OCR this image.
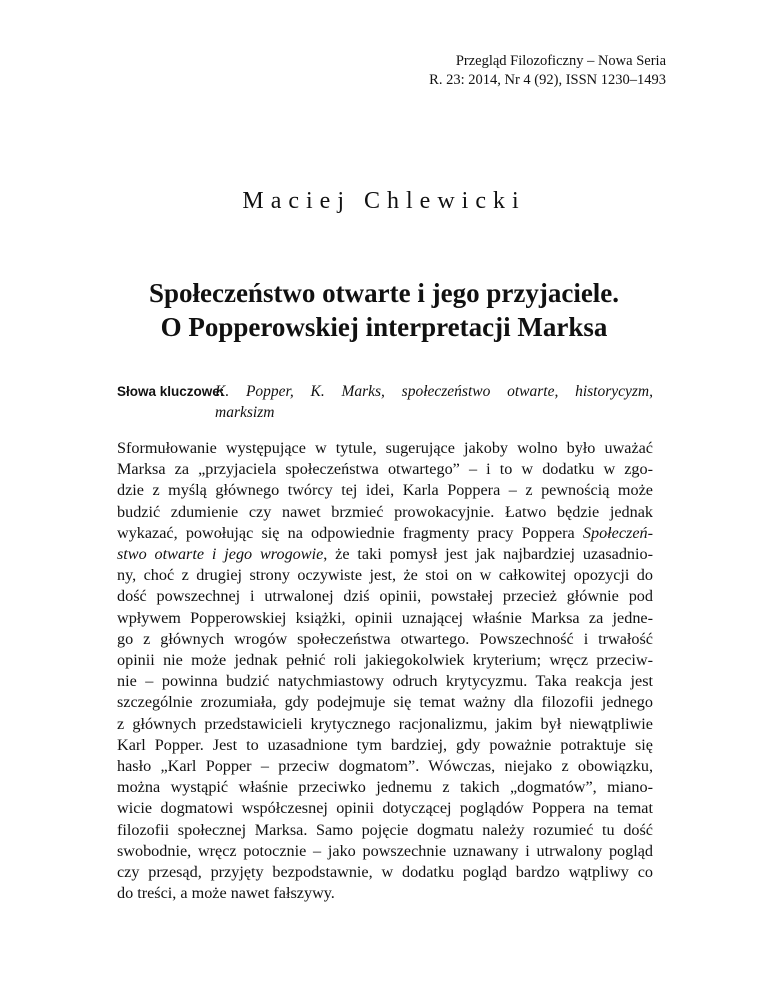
Przegląd Filozoficzny – Nowa Seria
R. 23: 2014, Nr 4 (92), ISSN 1230–1493
Maciej Chlewicki
Społeczeństwo otwarte i jego przyjaciele.
O Popperowskiej interpretacji Marksa
Słowa kluczowe:
K. Popper, K. Marks, społeczeństwo otwarte, historycyzm,
marksizm
Sformułowanie występujące w tytule, sugerujące jakoby wolno było uważać
Marksa za „przyjaciela społeczeństwa otwartego” – i to w dodatku w zgo-
dzie z myślą głównego twórcy tej idei, Karla Poppera – z pewnością może
budzić zdumienie czy nawet brzmieć prowokacyjnie. Łatwo będzie jednak
wykazać, powołując się na odpowiednie fragmenty pracy Poppera Społeczeń-
stwo otwarte i jego wrogowie, że taki pomysł jest jak najbardziej uzasadnio-
ny, choć z drugiej strony oczywiste jest, że stoi on w całkowitej opozycji do
dość powszechnej i utrwalonej dziś opinii, powstałej przecież głównie pod
wpływem Popperowskiej książki, opinii uznającej właśnie Marksa za jedne-
go z głównych wrogów społeczeństwa otwartego. Powszechność i trwałość
opinii nie może jednak pełnić roli jakiegokolwiek kryterium; wręcz przeciw-
nie – powinna budzić natychmiastowy odruch krytycyzmu. Taka reakcja jest
szczególnie zrozumiała, gdy podejmuje się temat ważny dla filozofii jednego
z głównych przedstawicieli krytycznego racjonalizmu, jakim był niewątpliwie
Karl Popper. Jest to uzasadnione tym bardziej, gdy poważnie potraktuje się
hasło „Karl Popper – przeciw dogmatom”. Wówczas, niejako z obowiązku,
można wystąpić właśnie przeciwko jednemu z takich „dogmatów”, miano-
wicie dogmatowi współczesnej opinii dotyczącej poglądów Poppera na temat
filozofii społecznej Marksa. Samo pojęcie dogmatu należy rozumieć tu dość
swobodnie, wręcz potocznie – jako powszechnie uznawany i utrwalony pogląd
czy przesąd, przyjęty bezpodstawnie, w dodatku pogląd bardzo wątpliwy co
do treści, a może nawet fałszywy.
